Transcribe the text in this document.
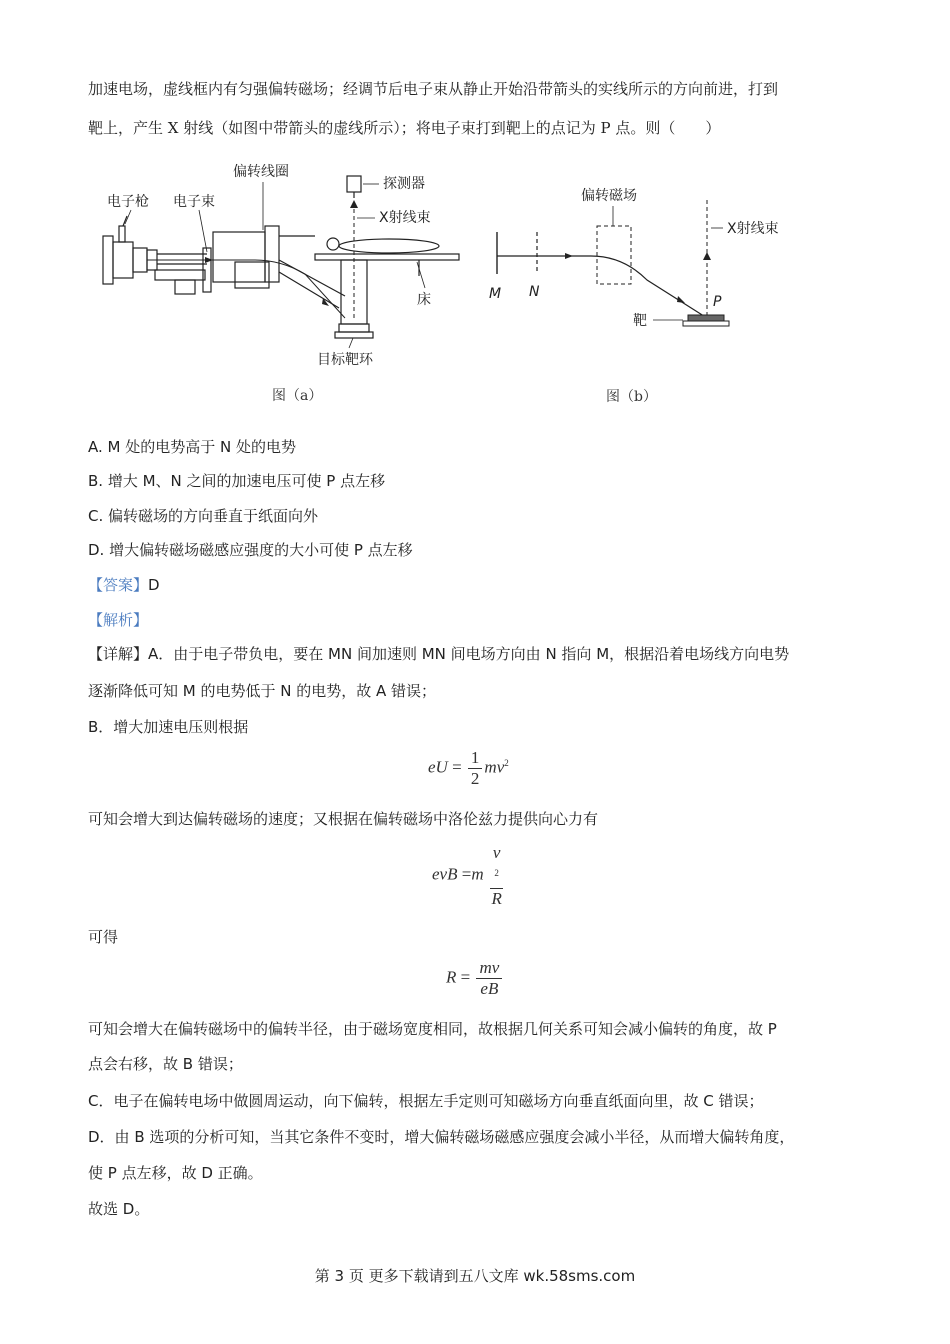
加速电场，虚线框内有匀强偏转磁场；经调节后电子束从静止开始沿带箭头的实线所示的方向前进，打到
靶上，产生 X 射线（如图中带箭头的虚线所示）；将电子束打到靶上的点记为 P 点。则（　　）
电子枪 电子束
偏转线圈
探测器
X射线束
床
目标靶环
图（a）
偏转磁场
X射线束
M N
P
靶
图（b）
A. M 处的电势高于 N 处的电势
B. 增大 M、N 之间的加速电压可使 P 点左移
C. 偏转磁场的方向垂直于纸面向外
D. 增大偏转磁场磁感应强度的大小可使 P 点左移
【答案】D
【解析】
【详解】A．由于电子带负电，要在 MN 间加速则 MN 间电场方向由 N 指向 M，根据沿着电场线方向电势
逐渐降低可知 M 的电势低于 N 的电势，故 A 错误；
B．增大加速电压则根据
eU = $\frac{1}{2} mv^2$
可知会增大到达偏转磁场的速度；又根据在偏转磁场中洛伦兹力提供向心力有
evB =m v
$^2$
R
可得
$R = \frac{mv}{eB}$
可知会增大在偏转磁场中的偏转半径，由于磁场宽度相同，故根据几何关系可知会减小偏转的角度，故 P
点会右移，故 B 错误；
C．电子在偏转电场中做圆周运动，向下偏转，根据左手定则可知磁场方向垂直纸面向里，故 C 错误；
D．由 B 选项的分析可知，当其它条件不变时，增大偏转磁场磁感应强度会减小半径，从而增大偏转角度，
使 P 点左移，故 D 正确。
故选 D。
第 3 页 更多下载请到五八文库 wk.58sms.com
